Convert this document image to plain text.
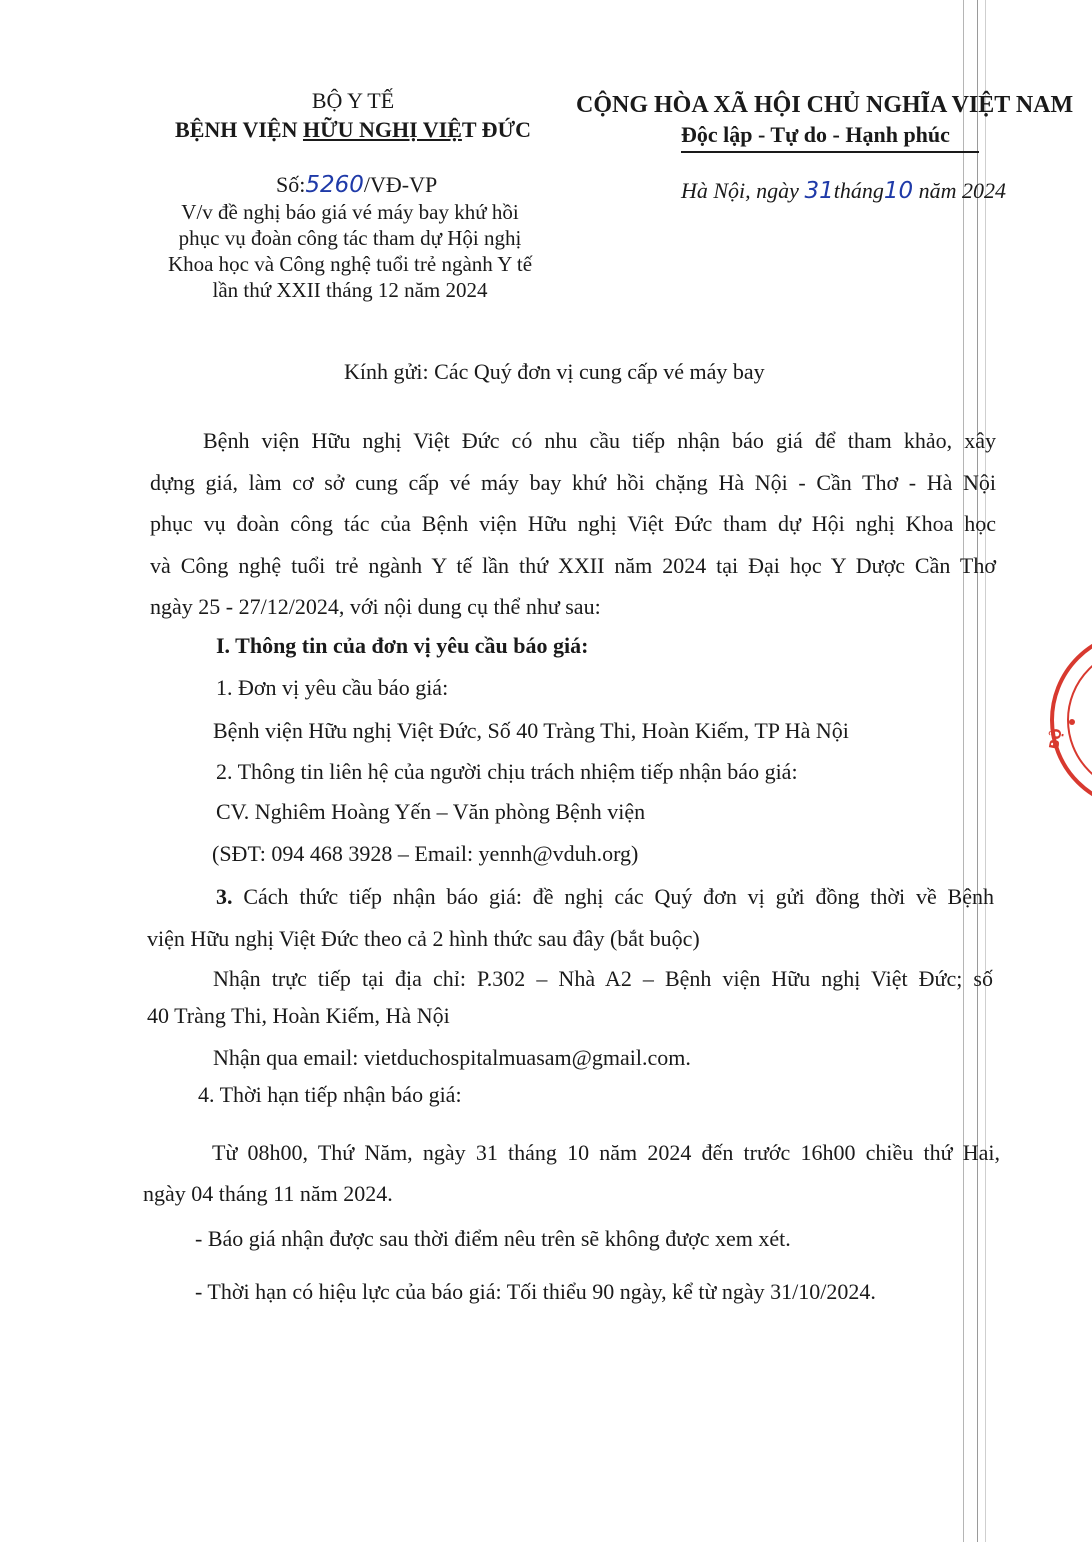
BỘ
BỘ Y TẾ
BỆNH VIỆN HỮU NGHỊ VIỆT ĐỨC
Số:5260/VĐ-VP
V/v đề nghị báo giá vé máy bay khứ hồi
phục vụ đoàn công tác tham dự Hội nghị
Khoa học và Công nghệ tuổi trẻ ngành Y tế
lần thứ XXII tháng 12 năm 2024
CỘNG HÒA XÃ HỘI CHỦ NGHĨA VIỆT NAM
Độc lập - Tự do - Hạnh phúc
Hà Nội, ngày 31tháng10 năm 2024
Kính gửi: Các Quý đơn vị cung cấp vé máy bay
Bệnh viện Hữu nghị Việt Đức có nhu cầu tiếp nhận báo giá để tham khảo, xây
dựng giá, làm cơ sở cung cấp vé máy bay khứ hồi chặng Hà Nội - Cần Thơ - Hà Nội
phục vụ đoàn công tác của Bệnh viện Hữu nghị Việt Đức tham dự Hội nghị Khoa học
và Công nghệ tuổi trẻ ngành Y tế lần thứ XXII năm 2024 tại Đại học Y Dược Cần Thơ
ngày 25 - 27/12/2024, với nội dung cụ thể như sau:
I. Thông tin của đơn vị yêu cầu báo giá:
1. Đơn vị yêu cầu báo giá:
Bệnh viện Hữu nghị Việt Đức, Số 40 Tràng Thi, Hoàn Kiếm, TP Hà Nội
2. Thông tin liên hệ của người chịu trách nhiệm tiếp nhận báo giá:
CV. Nghiêm Hoàng Yến – Văn phòng Bệnh viện
(SĐT: 094 468 3928 – Email: yennh@vduh.org)
3. Cách thức tiếp nhận báo giá: đề nghị các Quý đơn vị gửi đồng thời về Bệnh
viện Hữu nghị Việt Đức theo cả 2 hình thức sau đây (bắt buộc)
Nhận trực tiếp tại địa chỉ: P.302 – Nhà A2 – Bệnh viện Hữu nghị Việt Đức; số
40 Tràng Thi, Hoàn Kiếm, Hà Nội
Nhận qua email: vietduchospitalmuasam@gmail.com.
4. Thời hạn tiếp nhận báo giá:
Từ 08h00, Thứ Năm, ngày 31 tháng 10 năm 2024 đến trước 16h00 chiều thứ Hai,
ngày 04 tháng 11 năm 2024.
- Báo giá nhận được sau thời điểm nêu trên sẽ không được xem xét.
- Thời hạn có hiệu lực của báo giá: Tối thiểu 90 ngày, kể từ ngày 31/10/2024.
